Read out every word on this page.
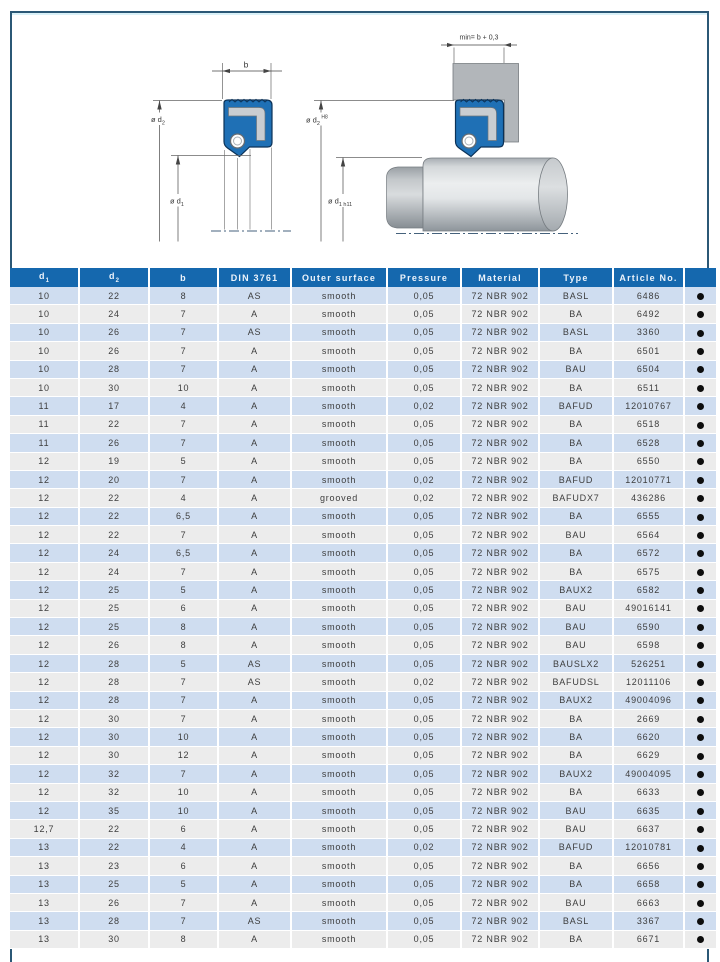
b
ø $d_2$
ø $d_1$
min= b + 0,3
ø $d_2^{H8}$
ø $d_1$ h11
$d_1$	$d_2$	b	DIN 3761	Outer surface	Pressure	Material	Type	Article No.	
10	22	8	AS	smooth	0,05	72 NBR 902	BASL	6486	
10	24	7	A	smooth	0,05	72 NBR 902	BA	6492	
10	26	7	AS	smooth	0,05	72 NBR 902	BASL	3360	
10	26	7	A	smooth	0,05	72 NBR 902	BA	6501	
10	28	7	A	smooth	0,05	72 NBR 902	BAU	6504	
10	30	10	A	smooth	0,05	72 NBR 902	BA	6511	
11	17	4	A	smooth	0,02	72 NBR 902	BAFUD	12010767	
11	22	7	A	smooth	0,05	72 NBR 902	BA	6518	
11	26	7	A	smooth	0,05	72 NBR 902	BA	6528	
12	19	5	A	smooth	0,05	72 NBR 902	BA	6550	
12	20	7	A	smooth	0,02	72 NBR 902	BAFUD	12010771	
12	22	4	A	grooved	0,02	72 NBR 902	BAFUDX7	436286	
12	22	6,5	A	smooth	0,05	72 NBR 902	BA	6555	
12	22	7	A	smooth	0,05	72 NBR 902	BAU	6564	
12	24	6,5	A	smooth	0,05	72 NBR 902	BA	6572	
12	24	7	A	smooth	0,05	72 NBR 902	BA	6575	
12	25	5	A	smooth	0,05	72 NBR 902	BAUX2	6582	
12	25	6	A	smooth	0,05	72 NBR 902	BAU	49016141	
12	25	8	A	smooth	0,05	72 NBR 902	BAU	6590	
12	26	8	A	smooth	0,05	72 NBR 902	BAU	6598	
12	28	5	AS	smooth	0,05	72 NBR 902	BAUSLX2	526251	
12	28	7	AS	smooth	0,02	72 NBR 902	BAFUDSL	12011106	
12	28	7	A	smooth	0,05	72 NBR 902	BAUX2	49004096	
12	30	7	A	smooth	0,05	72 NBR 902	BA	2669	
12	30	10	A	smooth	0,05	72 NBR 902	BA	6620	
12	30	12	A	smooth	0,05	72 NBR 902	BA	6629	
12	32	7	A	smooth	0,05	72 NBR 902	BAUX2	49004095	
12	32	10	A	smooth	0,05	72 NBR 902	BA	6633	
12	35	10	A	smooth	0,05	72 NBR 902	BAU	6635	
12,7	22	6	A	smooth	0,05	72 NBR 902	BAU	6637	
13	22	4	A	smooth	0,02	72 NBR 902	BAFUD	12010781	
13	23	6	A	smooth	0,05	72 NBR 902	BA	6656	
13	25	5	A	smooth	0,05	72 NBR 902	BA	6658	
13	26	7	A	smooth	0,05	72 NBR 902	BAU	6663	
13	28	7	AS	smooth	0,05	72 NBR 902	BASL	3367	
13	30	8	A	smooth	0,05	72 NBR 902	BA	6671	
